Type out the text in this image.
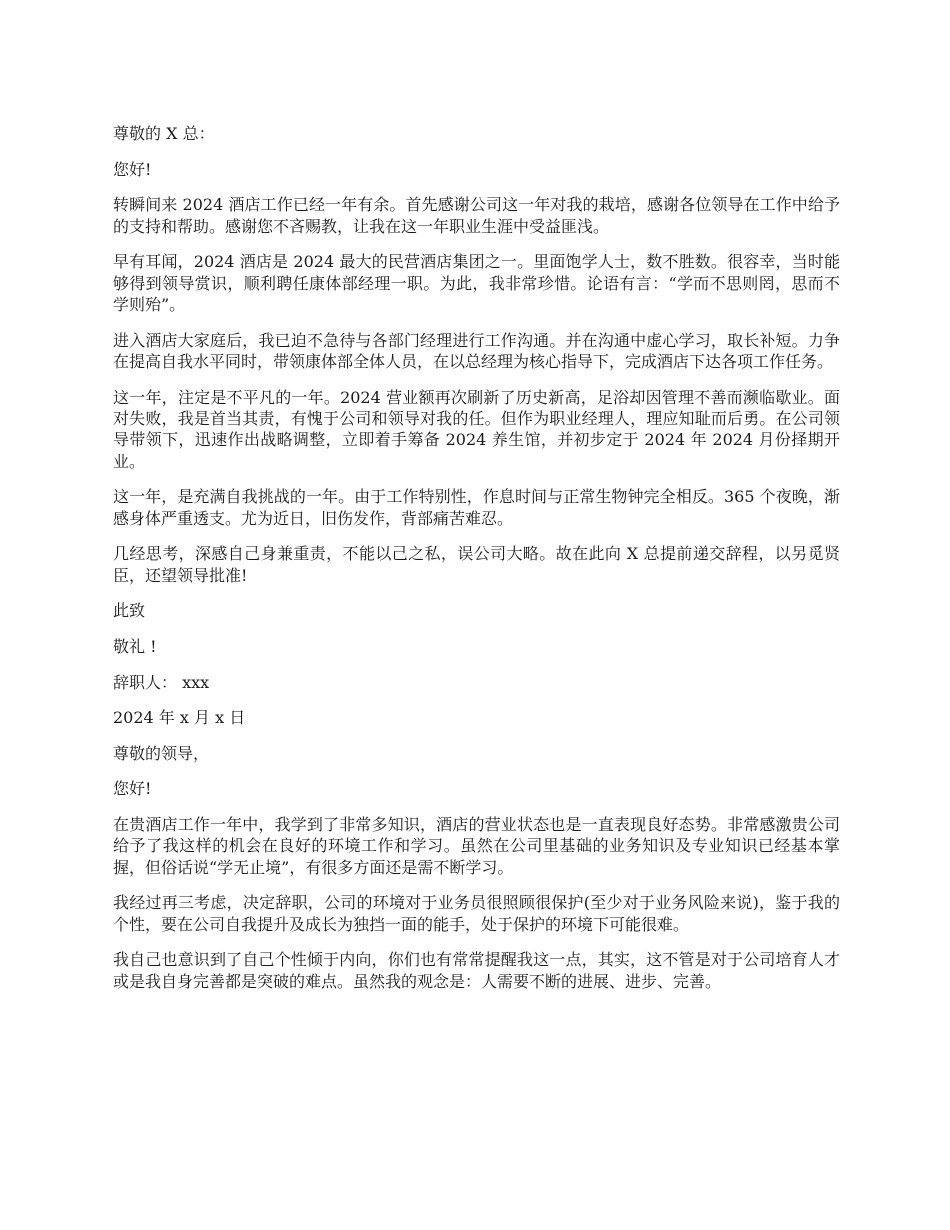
尊敬的 X 总：

您好!

转瞬间来 2024 酒店工作已经一年有余。首先感谢公司这一年对我的栽培，感谢各位领导在工作中给予的支持和帮助。感谢您不吝赐教，让我在这一年职业生涯中受益匪浅。

早有耳闻，2024 酒店是 2024 最大的民营酒店集团之一。里面饱学人士，数不胜数。很容幸，当时能够得到领导赏识，顺利聘任康体部经理一职。为此，我非常珍惜。论语有言：“学而不思则罔，思而不学则殆”。

进入酒店大家庭后，我已迫不急待与各部门经理进行工作沟通。并在沟通中虚心学习，取长补短。力争在提高自我水平同时，带领康体部全体人员，在以总经理为核心指导下，完成酒店下达各项工作任务。

这一年，注定是不平凡的一年。2024 营业额再次刷新了历史新高，足浴却因管理不善而濒临歇业。面对失败，我是首当其责，有愧于公司和领导对我的任。但作为职业经理人，理应知耻而后勇。在公司领导带领下，迅速作出战略调整，立即着手筹备 2024 养生馆，并初步定于 2024 年 2024 月份择期开业。

这一年，是充满自我挑战的一年。由于工作特别性，作息时间与正常生物钟完全相反。365 个夜晚，渐感身体严重透支。尤为近日，旧伤发作，背部痛苦难忍。

几经思考，深感自己身兼重责，不能以己之私，误公司大略。故在此向 X 总提前递交辞程，以另觅贤臣，还望领导批准!

此致

敬礼 !

辞职人： xxx

2024 年 x 月 x 日

尊敬的领导，

您好!

在贵酒店工作一年中，我学到了非常多知识，酒店的营业状态也是一直表现良好态势。非常感激贵公司给予了我这样的机会在良好的环境工作和学习。虽然在公司里基础的业务知识及专业知识已经基本掌握，但俗话说“学无止境”，有很多方面还是需不断学习。

我经过再三考虑，决定辞职，公司的环境对于业务员很照顾很保护(至少对于业务风险来说)，鉴于我的个性，要在公司自我提升及成长为独挡一面的能手，处于保护的环境下可能很难。

我自己也意识到了自己个性倾于内向，你们也有常常提醒我这一点，其实，这不管是对于公司培育人才或是我自身完善都是突破的难点。虽然我的观念是：人需要不断的进展、进步、完善。
